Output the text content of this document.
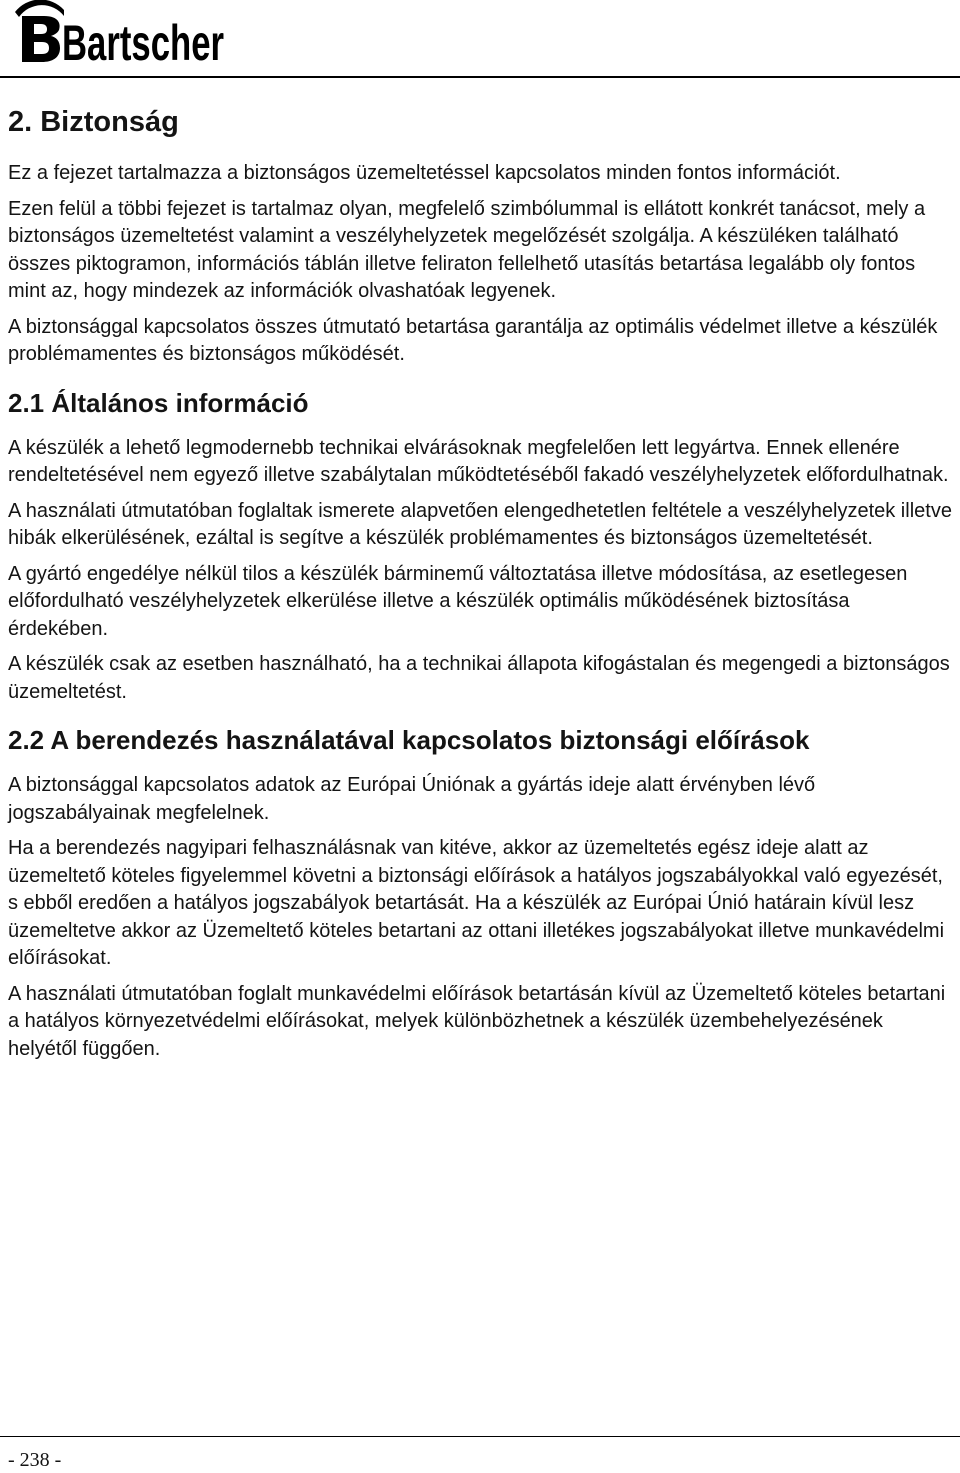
Bartscher
2. Biztonság

Ez a fejezet tartalmazza a biztonságos üzemeltetéssel kapcsolatos minden fontos információt.

Ezen felül a többi fejezet is tartalmaz olyan, megfelelő szimbólummal is ellátott konkrét tanácsot, mely a biztonságos üzemeltetést valamint a veszélyhelyzetek megelőzését szolgálja. A készüléken található összes piktogramon, információs táblán illetve feliraton fellelhető utasítás betartása legalább oly fontos mint az, hogy mindezek az információk olvashatóak legyenek.

A biztonsággal kapcsolatos összes útmutató betartása garantálja az optimális védelmet illetve a készülék problémamentes és biztonságos működését.

2.1 Általános információ

A készülék a lehető legmodernebb technikai elvárásoknak megfelelően lett legyártva. Ennek ellenére rendeltetésével nem egyező illetve szabálytalan működtetéséből fakadó veszélyhelyzetek előfordulhatnak.

A használati útmutatóban foglaltak ismerete alapvetően elengedhetetlen feltétele a veszélyhelyzetek illetve hibák elkerülésének, ezáltal is segítve a készülék problémamentes és biztonságos üzemeltetését.

A gyártó engedélye nélkül tilos a készülék bárminemű változtatása illetve módosítása, az esetlegesen előfordulható veszélyhelyzetek elkerülése illetve a készülék optimális működésének biztosítása érdekében.

A készülék csak az esetben használható, ha a technikai állapota kifogástalan és megengedi a biztonságos üzemeltetést.

2.2 A berendezés használatával kapcsolatos biztonsági előírások

A biztonsággal kapcsolatos adatok az Európai Úniónak a gyártás ideje alatt érvényben lévő jogszabályainak megfelelnek.

Ha a berendezés nagyipari felhasználásnak van kitéve, akkor az üzemeltetés egész ideje alatt az üzemeltető köteles figyelemmel követni a biztonsági előírások a hatályos jogszabályokkal való egyezését, s ebből eredően a hatályos jogszabályok betartását. Ha a készülék az Európai Únió határain kívül lesz üzemeltetve akkor az Üzemeltető köteles betartani az ottani illetékes jogszabályokat illetve munkavédelmi előírásokat.

A használati útmutatóban foglalt munkavédelmi előírások betartásán kívül az Üzemeltető köteles betartani a hatályos környezetvédelmi előírásokat, melyek különbözhetnek a készülék üzembehelyezésének helyétől függően.

- 238 -
